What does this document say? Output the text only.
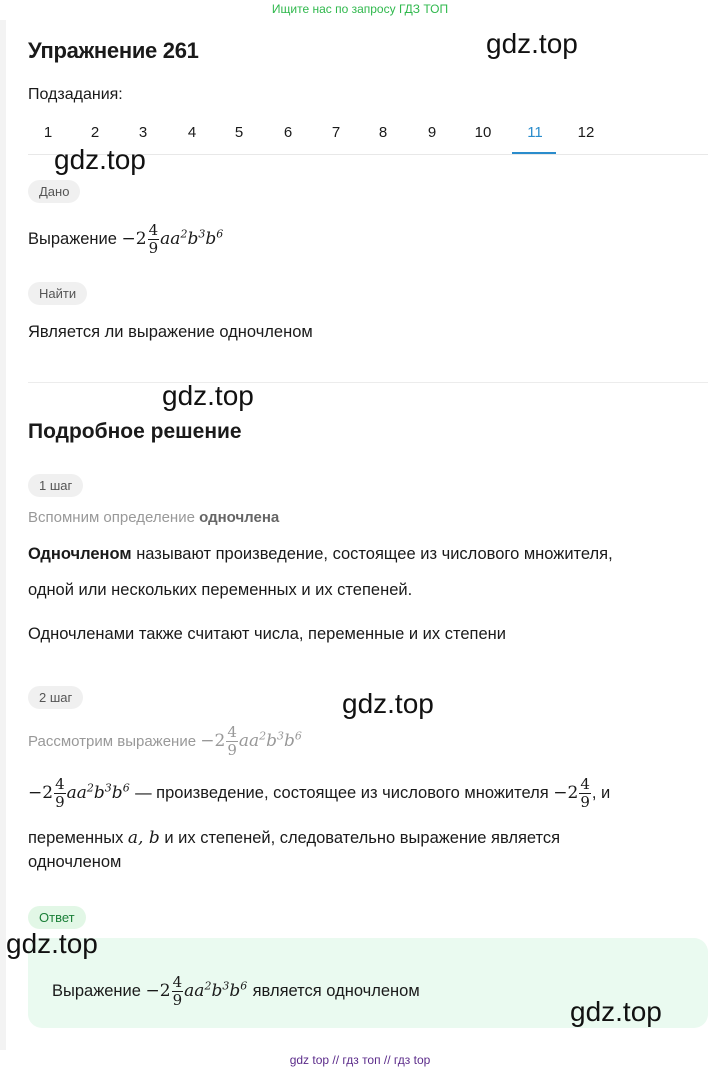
Ищите нас по запросу ГДЗ ТОП
Упражнение 261
Подзадания:
1	2	3	4	5	6	7	8	9	10	11	12
Дано
Выражение $-2 \frac{4}{9} aa^2b^3b^6$
Найти
Является ли выражение одночленом
Подробное решение
1 шаг
Вспомним определение одночлена
Одночленом называют произведение, состоящее из числового множителя,
одной или нескольких переменных и их степеней.
Одночленами также считают числа, переменные и их степени
2 шаг
Рассмотрим выражение $-2 \frac{4}{9} aa^2b^3b^6$
$-2 \frac{4}{9} aa^2b^3b^6$ — произведение, состоящее из числового множителя $-2 \frac{4}{9}$ , и
переменных a, b и их степеней, следовательно выражение является
одночленом
Ответ
Выражение $-2 \frac{4}{9} aa^2b^3b^6$ является одночленом
gdz.top
gdz.top
gdz.top
gdz.top
gdz.top
gdz.top
gdz top // гдз топ // гдз top
